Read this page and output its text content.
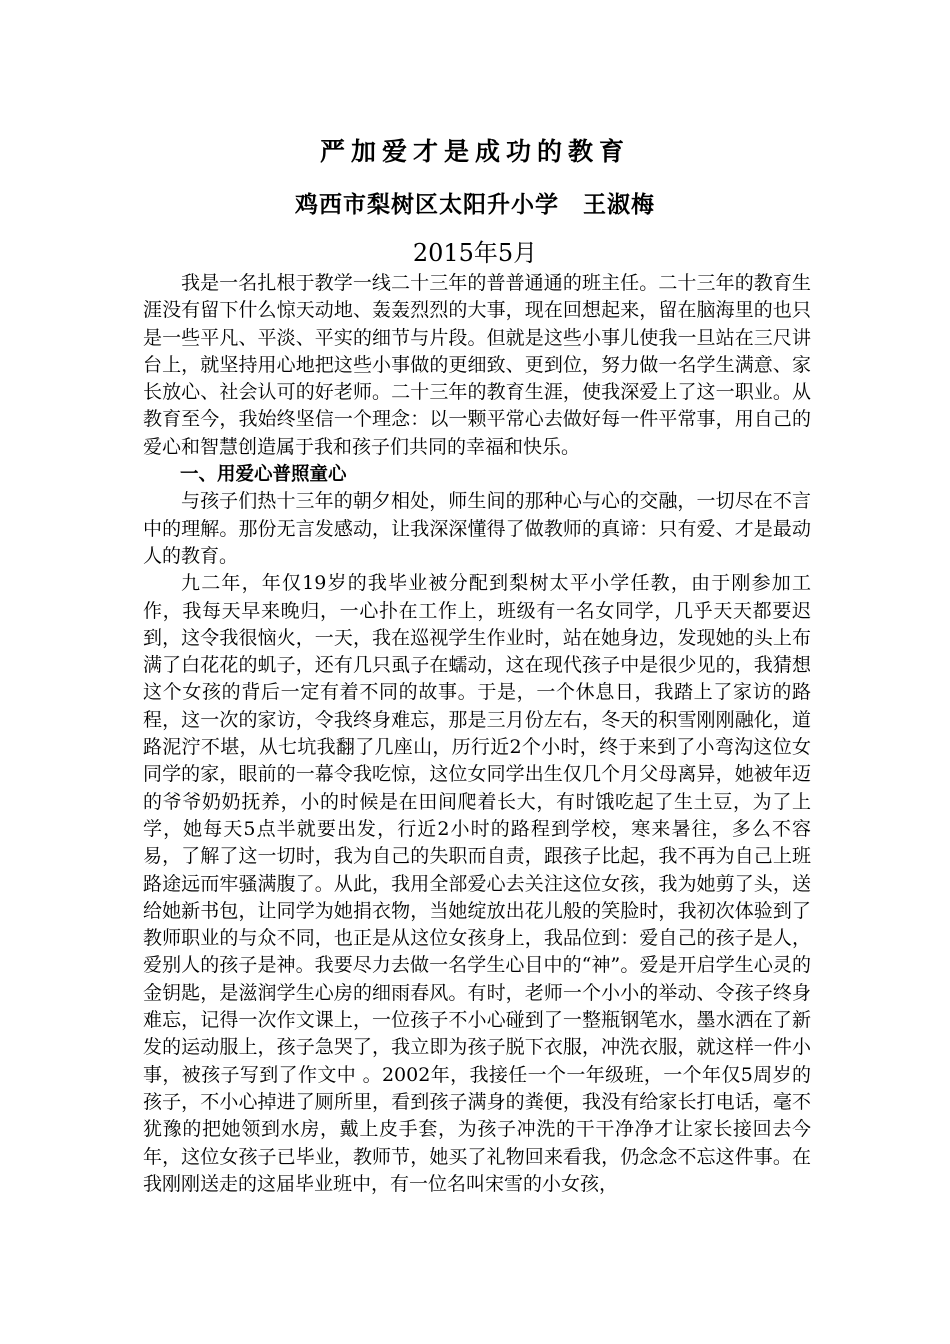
严加爱才是成功的教育
鸡西市梨树区太阳升小学　王淑梅
2015年5月

我是一名扎根于教学一线二十三年的普普通通的班主任。二十三年的教育生涯没有留下什么惊天动地、轰轰烈烈的大事，现在回想起来，留在脑海里的也只是一些平凡、平淡、平实的细节与片段。但就是这些小事儿使我一旦站在三尺讲台上，就坚持用心地把这些小事做的更细致、更到位，努力做一名学生满意、家长放心、社会认可的好老师。二十三年的教育生涯，使我深爱上了这一职业。从教育至今，我始终坚信一个理念：以一颗平常心去做好每一件平常事，用自己的爱心和智慧创造属于我和孩子们共同的幸福和快乐。

一、用爱心普照童心

与孩子们热十三年的朝夕相处，师生间的那种心与心的交融，一切尽在不言中的理解。那份无言发感动，让我深深懂得了做教师的真谛：只有爱、才是最动人的教育。

九二年，年仅19岁的我毕业被分配到梨树太平小学任教，由于刚参加工作，我每天早来晚归，一心扑在工作上，班级有一名女同学，几乎天天都要迟到，这令我很恼火，一天，我在巡视学生作业时，站在她身边，发现她的头上布满了白花花的虮子，还有几只虱子在蠕动，这在现代孩子中是很少见的，我猜想这个女孩的背后一定有着不同的故事。于是，一个休息日，我踏上了家访的路程，这一次的家访，令我终身难忘，那是三月份左右，冬天的积雪刚刚融化，道路泥泞不堪，从七坑我翻了几座山，历行近2个小时，终于来到了小弯沟这位女同学的家，眼前的一幕令我吃惊，这位女同学出生仅几个月父母离异，她被年迈的爷爷奶奶抚养，小的时候是在田间爬着长大，有时饿吃起了生土豆，为了上学，她每天5点半就要出发，行近2小时的路程到学校，寒来暑往，多么不容易，了解了这一切时，我为自己的失职而自责，跟孩子比起，我不再为自己上班路途远而牢骚满腹了。从此，我用全部爱心去关注这位女孩，我为她剪了头，送给她新书包，让同学为她捐衣物，当她绽放出花儿般的笑脸时，我初次体验到了教师职业的与众不同，也正是从这位女孩身上，我品位到：爱自己的孩子是人，爱别人的孩子是神。我要尽力去做一名学生心目中的“神”。爱是开启学生心灵的金钥匙，是滋润学生心房的细雨春风。有时，老师一个小小的举动、令孩子终身难忘，记得一次作文课上，一位孩子不小心碰到了一整瓶钢笔水，墨水洒在了新发的运动服上，孩子急哭了，我立即为孩子脱下衣服，冲洗衣服，就这样一件小事，被孩子写到了作文中 。2002年，我接任一个一年级班，一个年仅5周岁的孩子，不小心掉进了厕所里，看到孩子满身的粪便，我没有给家长打电话，毫不犹豫的把她领到水房，戴上皮手套，为孩子冲洗的干干净净才让家长接回去今年，这位女孩子已毕业，教师节，她买了礼物回来看我，仍念念不忘这件事。在我刚刚送走的这届毕业班中，有一位名叫宋雪的小女孩，
